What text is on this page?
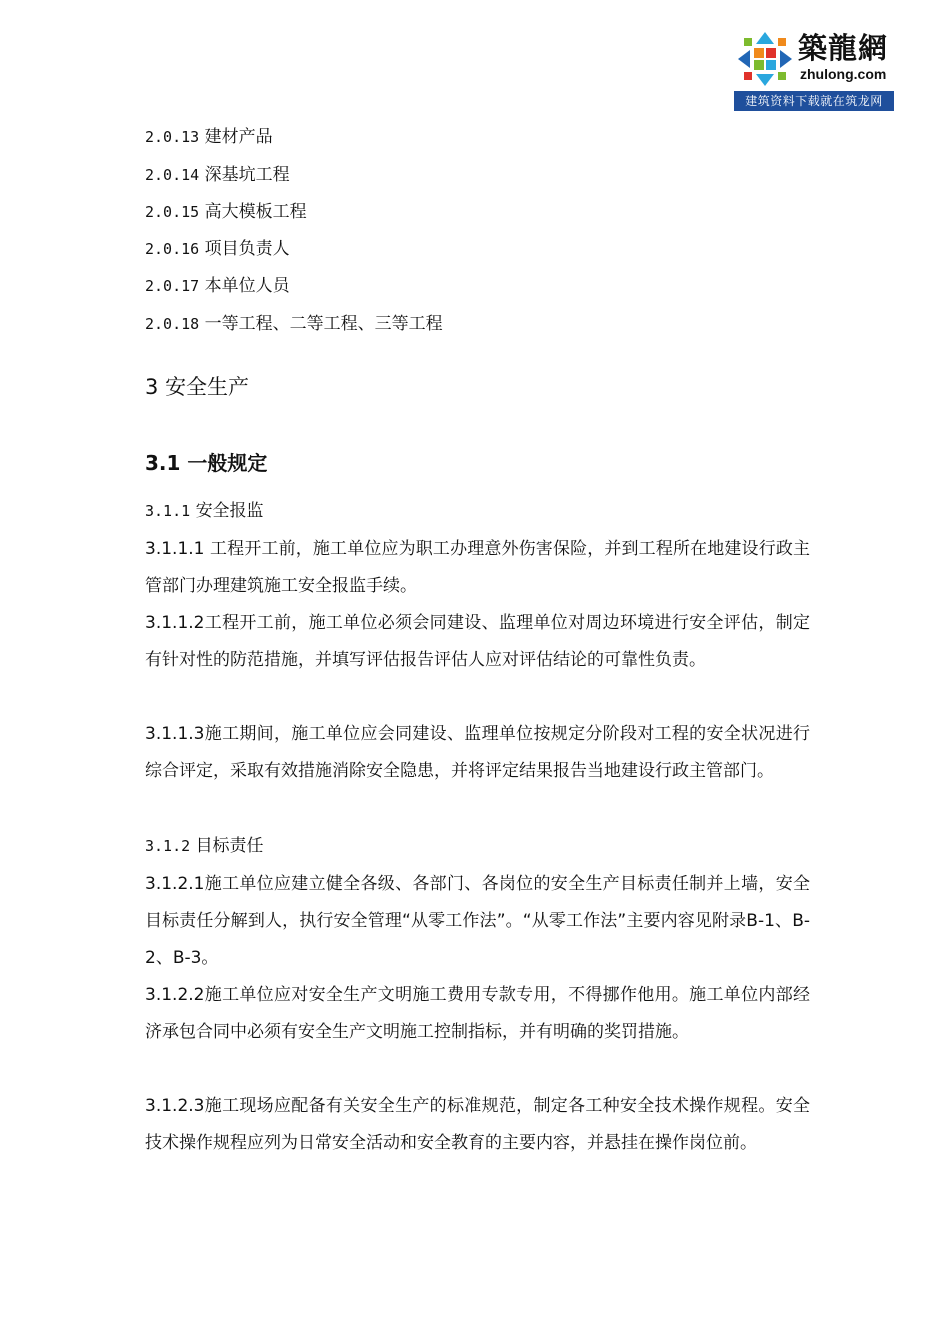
築龍網
zhulong.com
建筑资料下载就在筑龙网
2.0.13 建材产品
2.0.14 深基坑工程
2.0.15 高大模板工程
2.0.16 项目负责人
2.0.17 本单位人员
2.0.18 一等工程、二等工程、三等工程
3 安全生产
3.1 一般规定
3.1.1 安全报监
3.1.1.1 工程开工前，施工单位应为职工办理意外伤害保险，并到工程所在地建设行政主管部门办理建筑施工安全报监手续。
3.1.1.2工程开工前，施工单位必须会同建设、监理单位对周边环境进行安全评估，制定有针对性的防范措施，并填写评估报告评估人应对评估结论的可靠性负责。
3.1.1.3施工期间，施工单位应会同建设、监理单位按规定分阶段对工程的安全状况进行综合评定，采取有效措施消除安全隐患，并将评定结果报告当地建设行政主管部门。
3.1.2 目标责任
3.1.2.1施工单位应建立健全各级、各部门、各岗位的安全生产目标责任制并上墙，安全目标责任分解到人，执行安全管理“从零工作法”。“从零工作法”主要内容见附录B-1、B-2、B-3。
3.1.2.2施工单位应对安全生产文明施工费用专款专用，不得挪作他用。施工单位内部经济承包合同中必须有安全生产文明施工控制指标，并有明确的奖罚措施。
3.1.2.3施工现场应配备有关安全生产的标准规范，制定各工种安全技术操作规程。安全技术操作规程应列为日常安全活动和安全教育的主要内容，并悬挂在操作岗位前。
